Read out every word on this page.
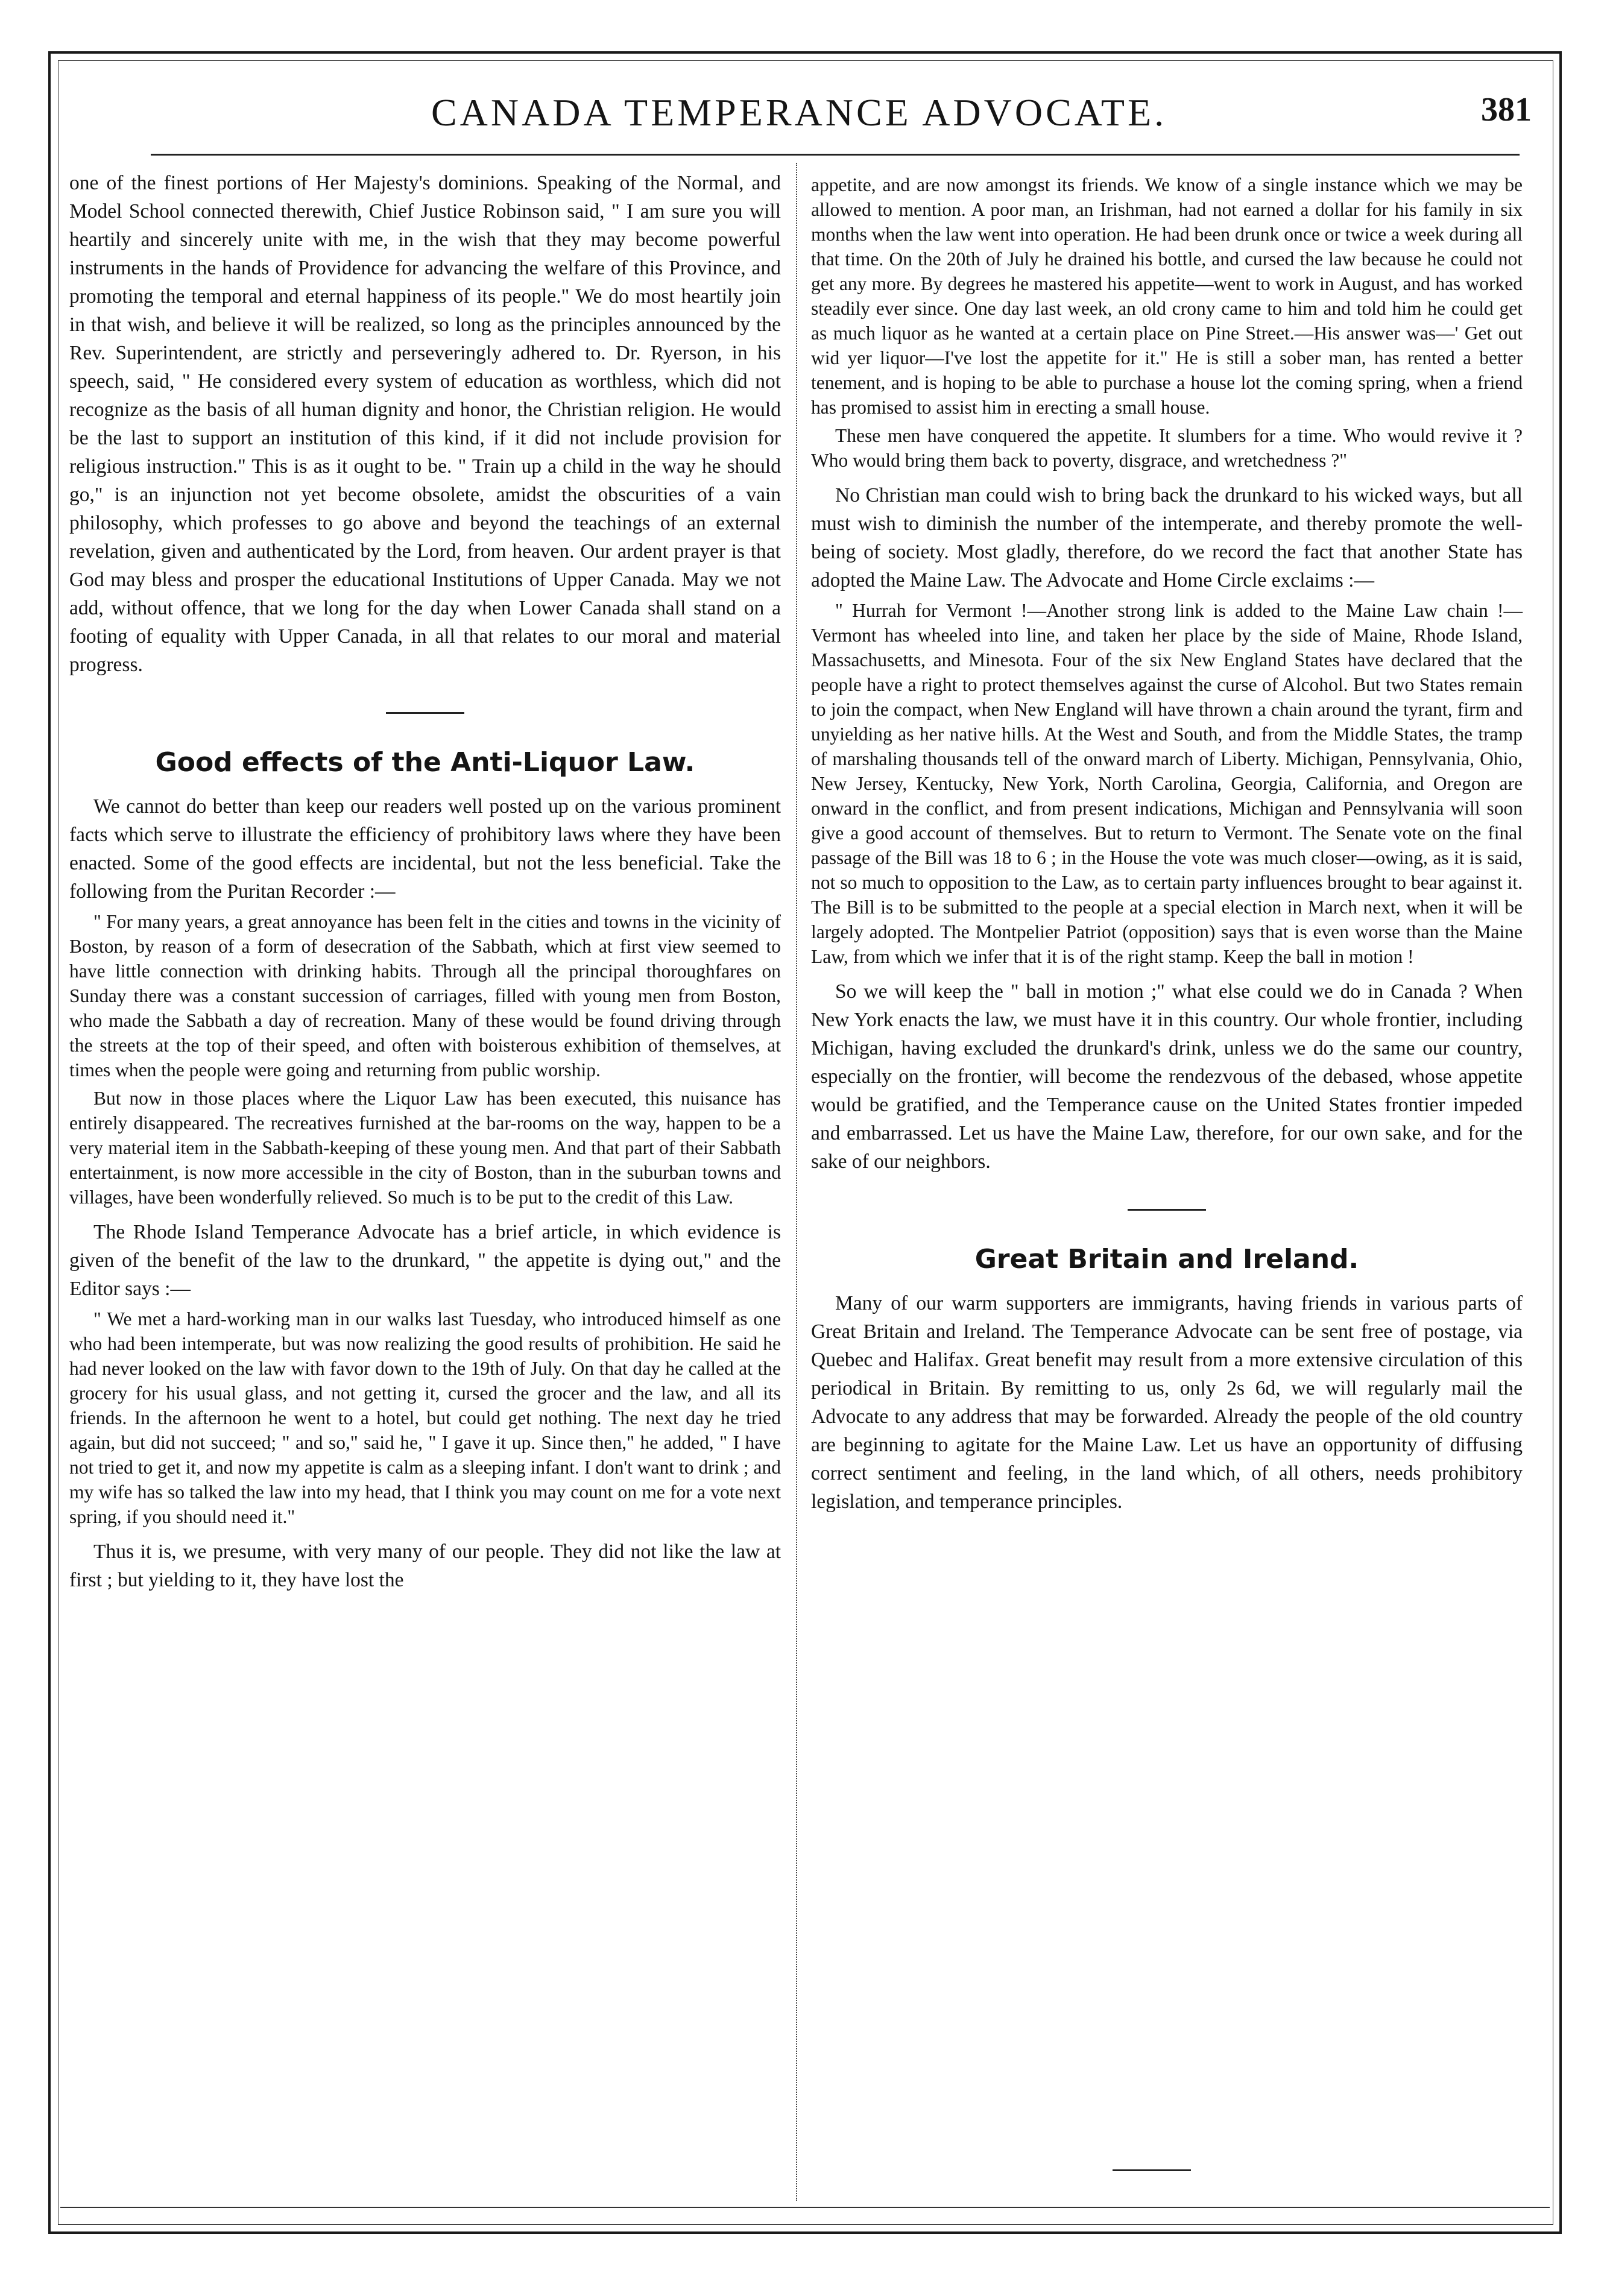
CANADA TEMPERANCE ADVOCATE.	381

one of the finest portions of Her Majesty's dominions. Speaking of the Normal, and Model School connected therewith, Chief Justice Robinson said, " I am sure you will heartily and sincerely unite with me, in the wish that they may become powerful instruments in the hands of Providence for advancing the welfare of this Province, and promoting the temporal and eternal happiness of its people." We do most heartily join in that wish, and believe it will be realized, so long as the principles announced by the Rev. Superintendent, are strictly and perseveringly adhered to. Dr. Ryerson, in his speech, said, " He considered every system of education as worthless, which did not recognize as the basis of all human dignity and honor, the Christian religion. He would be the last to support an institution of this kind, if it did not include provision for religious instruction." This is as it ought to be. " Train up a child in the way he should go," is an injunction not yet become obsolete, amidst the obscurities of a vain philosophy, which professes to go above and beyond the teachings of an external revelation, given and authenticated by the Lord, from heaven. Our ardent prayer is that God may bless and prosper the educational Institutions of Upper Canada. May we not add, without offence, that we long for the day when Lower Canada shall stand on a footing of equality with Upper Canada, in all that relates to our moral and material progress.

Good effects of the Anti-Liquor Law.

We cannot do better than keep our readers well posted up on the various prominent facts which serve to illustrate the efficiency of prohibitory laws where they have been enacted. Some of the good effects are incidental, but not the less beneficial. Take the following from the Puritan Recorder :—

" For many years, a great annoyance has been felt in the cities and towns in the vicinity of Boston, by reason of a form of desecration of the Sabbath, which at first view seemed to have little connection with drinking habits. Through all the principal thoroughfares on Sunday there was a constant succession of carriages, filled with young men from Boston, who made the Sabbath a day of recreation. Many of these would be found driving through the streets at the top of their speed, and often with boisterous exhibition of themselves, at times when the people were going and returning from public worship.

But now in those places where the Liquor Law has been executed, this nuisance has entirely disappeared. The recreatives furnished at the bar-rooms on the way, happen to be a very material item in the Sabbath-keeping of these young men. And that part of their Sabbath entertainment, is now more accessible in the city of Boston, than in the suburban towns and villages, have been wonderfully relieved. So much is to be put to the credit of this Law.

The Rhode Island Temperance Advocate has a brief article, in which evidence is given of the benefit of the law to the drunkard, " the appetite is dying out," and the Editor says :—

" We met a hard-working man in our walks last Tuesday, who introduced himself as one who had been intemperate, but was now realizing the good results of prohibition. He said he had never looked on the law with favor down to the 19th of July. On that day he called at the grocery for his usual glass, and not getting it, cursed the grocer and the law, and all its friends. In the afternoon he went to a hotel, but could get nothing. The next day he tried again, but did not succeed; " and so," said he, " I gave it up. Since then," he added, " I have not tried to get it, and now my appetite is calm as a sleeping infant. I don't want to drink ; and my wife has so talked the law into my head, that I think you may count on me for a vote next spring, if you should need it."

Thus it is, we presume, with very many of our people. They did not like the law at first ; but yielding to it, they have lost the

appetite, and are now amongst its friends. We know of a single instance which we may be allowed to mention. A poor man, an Irishman, had not earned a dollar for his family in six months when the law went into operation. He had been drunk once or twice a week during all that time. On the 20th of July he drained his bottle, and cursed the law because he could not get any more. By degrees he mastered his appetite—went to work in August, and has worked steadily ever since. One day last week, an old crony came to him and told him he could get as much liquor as he wanted at a certain place on Pine Street.—His answer was—' Get out wid yer liquor—I've lost the appetite for it." He is still a sober man, has rented a better tenement, and is hoping to be able to purchase a house lot the coming spring, when a friend has promised to assist him in erecting a small house.

These men have conquered the appetite. It slumbers for a time. Who would revive it ? Who would bring them back to poverty, disgrace, and wretchedness ?"

No Christian man could wish to bring back the drunkard to his wicked ways, but all must wish to diminish the number of the intemperate, and thereby promote the well-being of society. Most gladly, therefore, do we record the fact that another State has adopted the Maine Law. The Advocate and Home Circle exclaims :—

" Hurrah for Vermont !—Another strong link is added to the Maine Law chain !—Vermont has wheeled into line, and taken her place by the side of Maine, Rhode Island, Massachusetts, and Minesota. Four of the six New England States have declared that the people have a right to protect themselves against the curse of Alcohol. But two States remain to join the compact, when New England will have thrown a chain around the tyrant, firm and unyielding as her native hills. At the West and South, and from the Middle States, the tramp of marshaling thousands tell of the onward march of Liberty. Michigan, Pennsylvania, Ohio, New Jersey, Kentucky, New York, North Carolina, Georgia, California, and Oregon are onward in the conflict, and from present indications, Michigan and Pennsylvania will soon give a good account of themselves. But to return to Vermont. The Senate vote on the final passage of the Bill was 18 to 6 ; in the House the vote was much closer—owing, as it is said, not so much to opposition to the Law, as to certain party influences brought to bear against it. The Bill is to be submitted to the people at a special election in March next, when it will be largely adopted. The Montpelier Patriot (opposition) says that is even worse than the Maine Law, from which we infer that it is of the right stamp. Keep the ball in motion !

So we will keep the " ball in motion ;" what else could we do in Canada ? When New York enacts the law, we must have it in this country. Our whole frontier, including Michigan, having excluded the drunkard's drink, unless we do the same our country, especially on the frontier, will become the rendezvous of the debased, whose appetite would be gratified, and the Temperance cause on the United States frontier impeded and embarrassed. Let us have the Maine Law, therefore, for our own sake, and for the sake of our neighbors.

Great Britain and Ireland.

Many of our warm supporters are immigrants, having friends in various parts of Great Britain and Ireland. The Temperance Advocate can be sent free of postage, via Quebec and Halifax. Great benefit may result from a more extensive circulation of this periodical in Britain. By remitting to us, only 2s 6d, we will regularly mail the Advocate to any address that may be forwarded. Already the people of the old country are beginning to agitate for the Maine Law. Let us have an opportunity of diffusing correct sentiment and feeling, in the land which, of all others, needs prohibitory legislation, and temperance principles.
